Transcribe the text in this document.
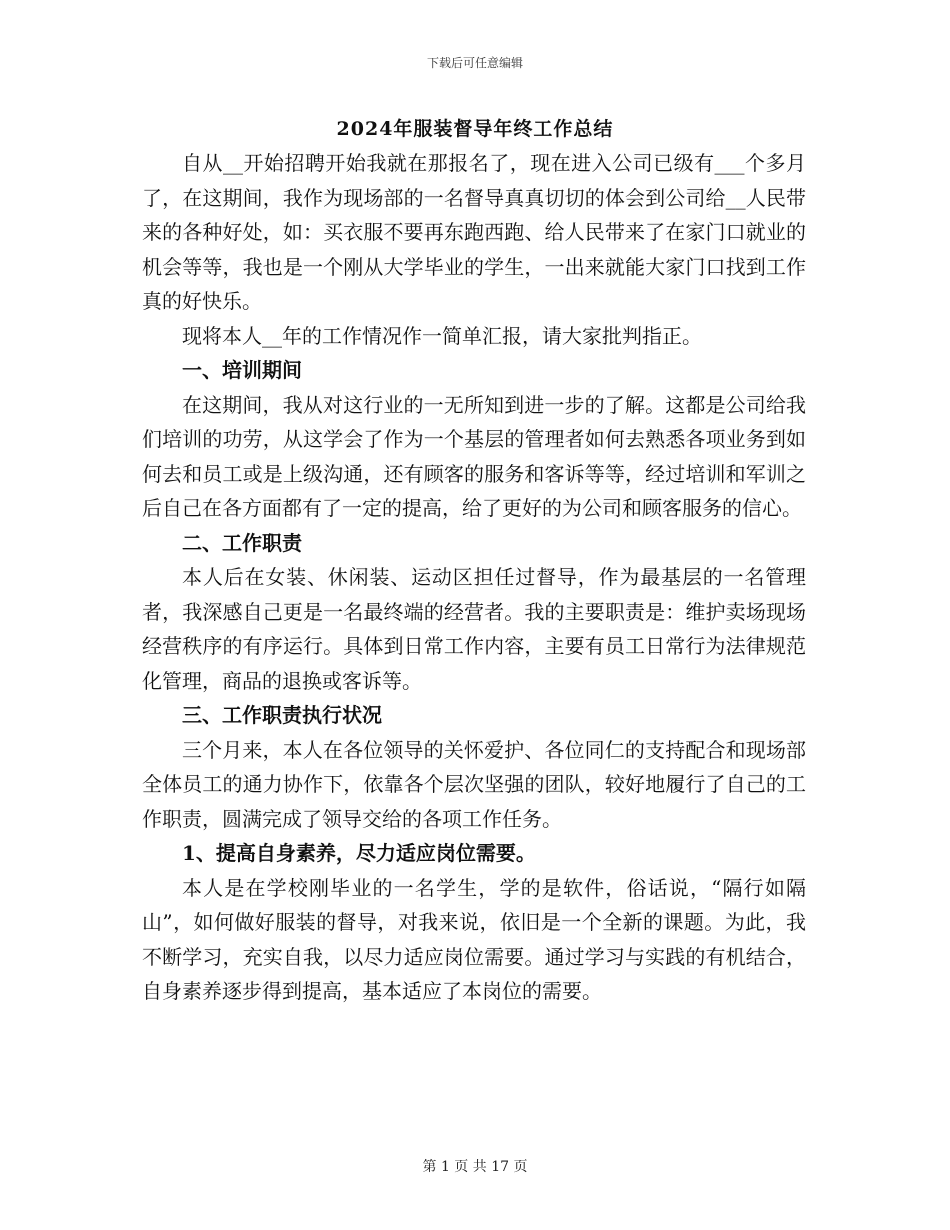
下载后可任意编辑
2024年服装督导年终工作总结

自从__开始招聘开始我就在那报名了，现在进入公司已级有___个多月了，在这期间，我作为现场部的一名督导真真切切的体会到公司给__人民带来的各种好处，如：买衣服不要再东跑西跑、给人民带来了在家门口就业的机会等等，我也是一个刚从大学毕业的学生，一出来就能大家门口找到工作真的好快乐。

现将本人__年的工作情况作一简单汇报，请大家批判指正。

一、培训期间

在这期间，我从对这行业的一无所知到进一步的了解。这都是公司给我们培训的功劳，从这学会了作为一个基层的管理者如何去熟悉各项业务到如何去和员工或是上级沟通，还有顾客的服务和客诉等等，经过培训和军训之后自己在各方面都有了一定的提高，给了更好的为公司和顾客服务的信心。

二、工作职责

本人后在女装、休闲装、运动区担任过督导，作为最基层的一名管理者，我深感自己更是一名最终端的经营者。我的主要职责是：维护卖场现场经营秩序的有序运行。具体到日常工作内容，主要有员工日常行为法律规范化管理，商品的退换或客诉等。

三、工作职责执行状况

三个月来，本人在各位领导的关怀爱护、各位同仁的支持配合和现场部全体员工的通力协作下，依靠各个层次坚强的团队，较好地履行了自己的工作职责，圆满完成了领导交给的各项工作任务。

1、提高自身素养，尽力适应岗位需要。

本人是在学校刚毕业的一名学生，学的是软件，俗话说，“隔行如隔山”，如何做好服装的督导，对我来说，依旧是一个全新的课题。为此，我不断学习，充实自我，以尽力适应岗位需要。通过学习与实践的有机结合，自身素养逐步得到提高，基本适应了本岗位的需要。

第 1 页 共 17 页
